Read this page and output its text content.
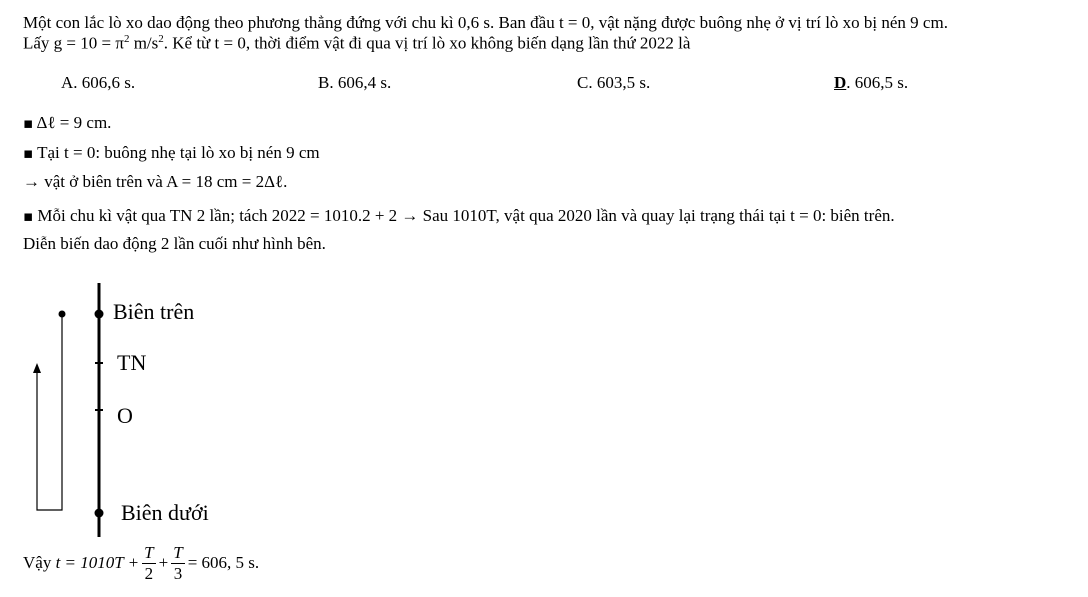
Một con lắc lò xo dao động theo phương thẳng đứng với chu kì 0,6 s. Ban đầu t = 0, vật nặng được buông nhẹ ở vị trí lò xo bị nén 9 cm.
Lấy $g = 10 = \pi^2$ $m/s^2$. Kể từ t = 0, thời điểm vật đi qua vị trí lò xo không biến dạng lần thứ 2022 là
A. 606,6 s.	B. 606,4 s.	C. 603,5 s.	D. 606,5 s.
▪ Δℓ = 9 cm.
▪ Tại t = 0: buông nhẹ tại lò xo bị nén 9 cm
→ vật ở biên trên và A = 18 cm = 2Δℓ.
▪ Mỗi chu kì vật qua TN 2 lần; tách 2022 = 1010.2 + 2 → Sau 1010T, vật qua 2020 lần và quay lại trạng thái tại t = 0: biên trên.
Diễn biến dao động 2 lần cuối như hình bên.
Biên trên
TN
O
Biên dưới
Vậy $t = 1010T + \frac{T}{2} + \frac{T}{3} = 606$, 5 s.
